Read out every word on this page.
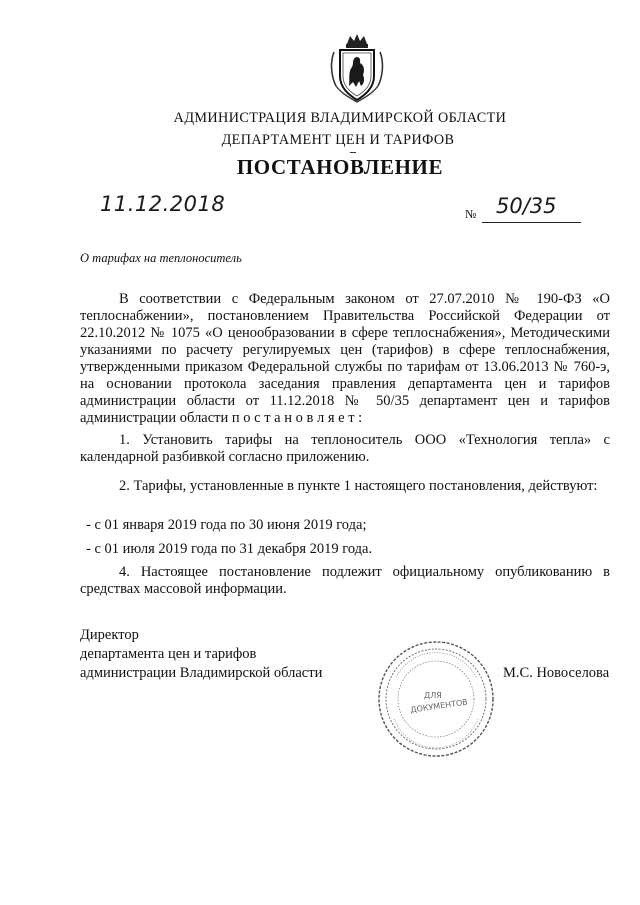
АДМИНИСТРАЦИЯ ВЛАДИМИРСКОЙ ОБЛАСТИ
ДЕПАРТАМЕНТ ЦЕН И ТАРИФОВ
ПОСТАНОВЛЕНИЕ
11.12.2018	№ 50/35
О тарифах на теплоноситель

В соответствии с Федеральным законом от 27.07.2010 № 190-ФЗ «О теплоснабжении», постановлением Правительства Российской Федерации от 22.10.2012 № 1075 «О ценообразовании в сфере теплоснабжения», Методическими указаниями по расчету регулируемых цен (тарифов) в сфере теплоснабжения, утвержденными приказом Федеральной службы по тарифам от 13.06.2013 № 760-э, на основании протокола заседания правления департамента цен и тарифов администрации области от 11.12.2018 № 50/35 департамент цен и тарифов администрации области п о с т а н о в л я е т :

1. Установить тарифы на теплоноситель ООО «Технология тепла» с календарной разбивкой согласно приложению.

2. Тарифы, установленные в пункте 1 настоящего постановления, действуют:

- с 01 января 2019 года по 30 июня 2019 года;
- с 01 июля 2019 года по 31 декабря 2019 года.

4. Настоящее постановление подлежит официальному опубликованию в средствах массовой информации.

Директор
департамента цен и тарифов
администрации Владимирской области	М.С. Новоселова
ДЛЯ
ДОКУМЕНТОВ
